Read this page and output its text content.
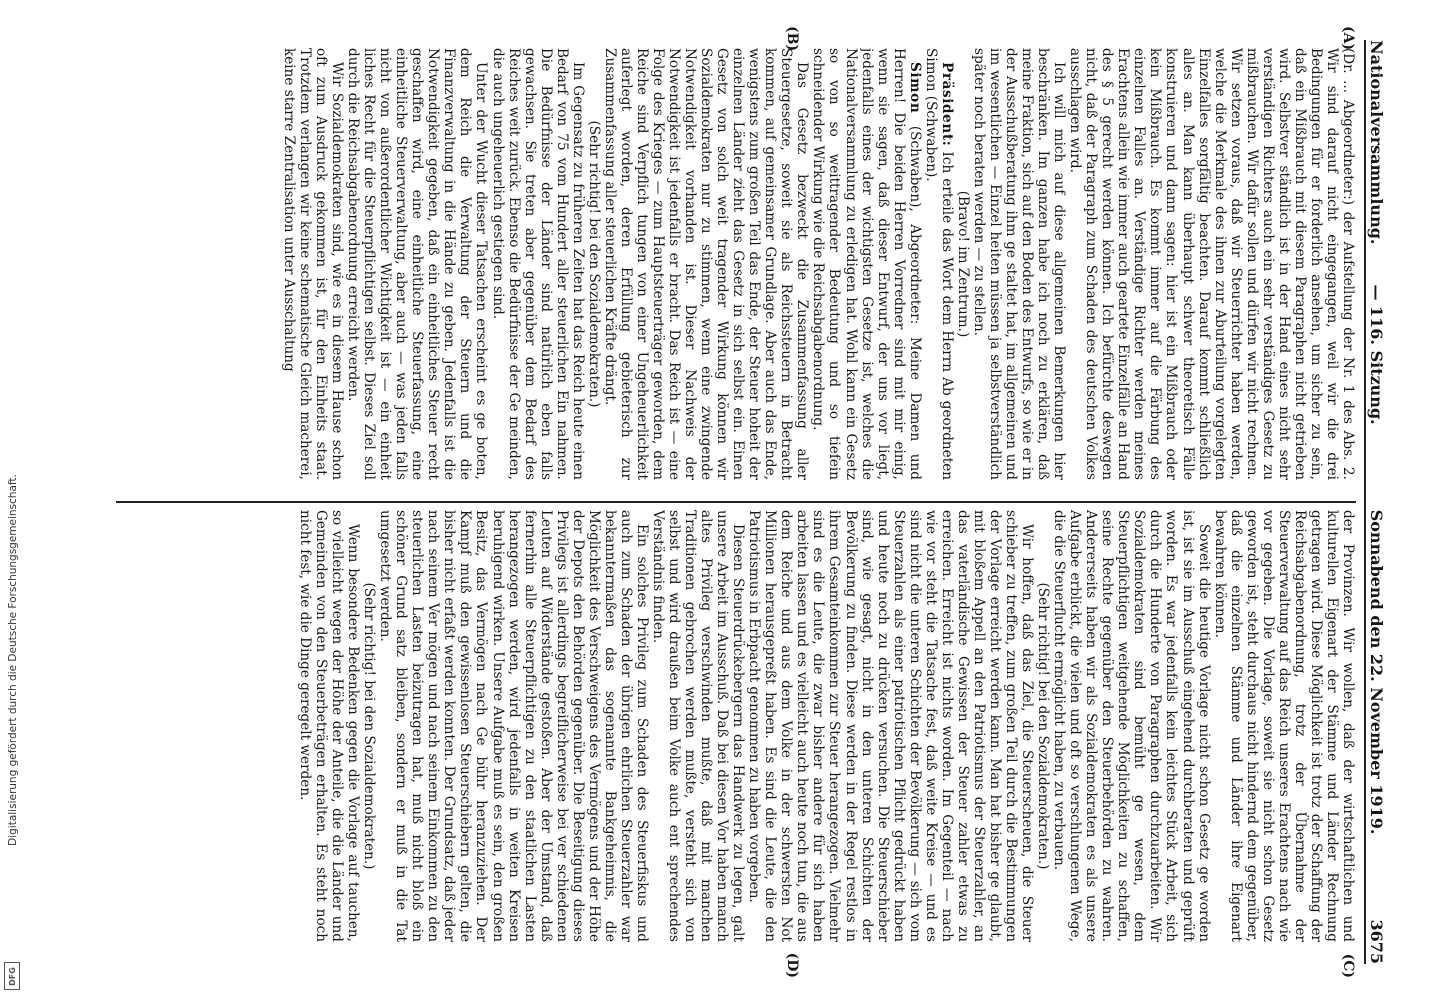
Digitalisierung gefördert durch die Deutsche Forschungsgemeinschaft.
DFG
Nationalversammlung.
— 116. Sitzung.
Sonnabend den 22. November 1919.
3675
(A)
(B)
(C)
(D)

(Dr. ... Abgeordneter:) der Aufstellung der Nr. 1 des Abs. 2. Wir sind darauf nicht eingegangen, weil wir die drei Bedingungen für er forderlich ansehen, um sicher zu sein, daß ein Mißbrauch mit diesem Paragraphen nicht getrieben wird. Selbstver ständlich ist in der Hand eines nicht sehr verständigen Richters auch ein sehr verständiges Gesetz zu mißbrauchen. Wir dafür sollen und dürfen wir nicht rechnen. Wir setzen voraus, daß wir Steuerrichter haben werden, welche die Merkmale des ihnen zur Aburteilung vorgelegten Einzelfalles sorgfältig beachten. Darauf kommt schließlich alles an. Man kann überhaupt schwer theoretisch Fälle konstruieren und dann sagen: hier ist ein Mißbrauch oder kein Mißbrauch. Es kommt immer auf die Färbung des einzelnen Falles an. Verständige Richter werden meines Erachtens allein wie immer auch geartete Einzelfälle an Hand des § 5 gerecht werden können. Ich befürchte deswegen nicht, daß der Paragraph zum Schaden des deutschen Volkes ausschlagen wird.

Ich will mich auf diese allgemeinen Bemerkungen hier beschränken. Im ganzen habe ich noch zu erklären, daß meine Fraktion, sich auf den Boden des Entwurfs, so wie er in der Ausschußberatung ihm ge staltet hat, im allgemeinen und im wesentlichen — Einzel heiten müssen ja selbstverständlich später noch beraten werden — zu stellen.

(Bravo! im Zentrum.)

Präsident: Ich erteile das Wort dem Herrn Ab geordneten Simon (Schwaben).

Simon (Schwaben), Abgeordneter: Meine Damen und Herren! Die beiden Herren Vorredner sind mit mir einig, wenn sie sagen, daß dieser Entwurf, der uns vor liegt, jedenfalls eines der wichtigsten Gesetze ist, welches die Nationalversammlung zu erledigen hat. Wohl kann ein Gesetz so von so weittragender Bedeutung und so tiefein schneidender Wirkung wie die Reichsabgabenordnung.

Das Gesetz bezweckt die Zusammenfassung aller Steuergesetze, soweit sie als Reichssteuern in Betracht kommen, auf gemeinsamer Grundlage. Aber auch das Ende, wenigstens zum großen Teil das Ende, der Steuer hoheit der einzelnen Länder zieht das Gesetz in sich selbst ein. Einen Gesetz von solch weit tragender Wirkung können wir Sozialdemokraten nur zu stimmen, wenn eine zwingende Notwendigkeit vorhanden ist. Dieser Nachweis der Notwendigkeit ist jedenfalls er bracht. Das Reich ist — eine Folge des Krieges — zum Hauptsteuerträger geworden, dem Reiche sind Verpflich tungen von einer Ungeheuerlichkeit auferlegt worden, deren Erfüllung gebieterisch zur Zusammenfassung aller steuerlichen Kräfte drängt.

(Sehr richtig! bei den Sozialdemokraten.)

Im Gegensatz zu früheren Zeiten hat das Reich heute einen Bedarf von 75 vom Hundert aller steuerlichen Ein nahmen. Die Bedürfnisse der Länder sind natürlich eben falls gewachsen. Sie treten aber gegenüber dem Bedarf des Reiches weit zurück. Ebenso die Bedürfnisse der Ge meinden, die auch ungeheuerlich gestiegen sind.

Unter der Wucht dieser Tatsachen erscheint es ge boten, dem Reich die Verwaltung der Steuern und die Finanzverwaltung in die Hände zu geben. Jedenfalls ist die Notwendigkeit gegeben, daß ein einheitliches Steuer recht geschaffen wird, eine einheitliche Steuerfassung, eine einheitliche Steuerverwaltung, aber auch — was jeden falls nicht von außerordentlicher Wichtigkeit ist — ein einheit liches Recht für die Steuerpflichtigen selbst. Dieses Ziel soll durch die Reichsabgabenordnung erreicht werden.

Wir Sozialdemokraten sind, wie es in diesem Hause schon oft zum Ausdruck gekommen ist, für den Einheits staat. Trotzdem verlangen wir keine schematische Gleich macherei, keine starre Zentralisation unter Ausschaltung

der Provinzen. Wir wollen, daß der wirtschaftlichen und kulturellen Eigenart der Stämme und Länder Rechnung getragen wird. Diese Möglichkeit ist trotz der Schaffung der Reichsabgabenordnung, trotz der Übernahme der Steuerverwaltung auf das Reich unseres Erachtens nach wie vor gegeben. Die Vorlage, soweit sie nicht schon Gesetz geworden ist, steht durchaus nicht hindernd dem gegenüber, daß die einzelnen Stämme und Länder ihre Eigenart bewahren können.

Soweit die heutige Vorlage nicht schon Gesetz ge worden ist, ist sie im Ausschuß eingehend durchberaten und geprüft worden. Es war jedenfalls kein leichtes Stück Arbeit, sich durch die Hunderte von Paragraphen durchzuarbeiten. Wir Sozialdemokraten sind bemüht ge wesen, dem Steuerpflichtigen weitgehende Möglichkeiten zu schaffen, seine Rechte gegenüber den Steuerbehörden zu wahren. Andererseits haben wir als Sozialdemokraten es als unsere Aufgabe erblickt, die vielen und oft so verschlungenen Wege, die die Steuerflucht ermöglicht haben, zu verbauen.

(Sehr richtig! bei den Sozialdemokraten.)

Wir hoffen, daß das Ziel, die Steuerscheuen, die Steuer schieber zu treffen, zum großen Teil durch die Bestimmungen der Vorlage erreicht werden kann. Man hat bisher ge glaubt, mit bloßem Appell an den Patriotismus der Steuerzahler, an das vaterländische Gewissen der Steuer zahler etwas zu erreichen. Erreicht ist nichts worden. Im Gegenteil — nach wie vor steht die Tatsache fest, daß weite Kreise — und es sind nicht die unteren Schichten der Bevölkerung — sich vom Steuerzahlen als einer patriotischen Pflicht gedrückt haben und heute noch zu drücken versuchen. Die Steuerschieber sind, wie gesagt, nicht in den unteren Schichten der Bevölkerung zu finden. Diese werden in der Regel restlos in ihrem Gesamteinkommen zur Steuer herangezogen. Vielmehr sind es die Leute, die zwar bisher andere für sich haben arbeiten lassen und es vielleicht auch heute noch tun, die aus dem Reiche und aus dem Volke in der schwersten Not Millionen herausgepreßt haben. Es sind die Leute, die den Patriotismus in Erbpacht genommen zu haben vorgeben.

Diesen Steuerdrückebergern das Handwerk zu legen, galt unsere Arbeit im Ausschuß. Daß bei diesen Vor haben manch altes Privileg verschwinden mußte, daß mit manchen Traditionen gebrochen werden mußte, versteht sich von selbst und wird draußen beim Volke auch ent sprechendes Verständnis finden.

Ein solches Privileg zum Schaden des Steuerfiskus und auch zum Schaden der übrigen ehrlichen Steuerzahler war bekanntermaßen das sogenannte Bankgeheimnis, die Möglichkeit des Verschweigens des Vermögens und der Höhe der Depots den Behörden gegenüber. Die Beseitigung dieses Privilegs ist allerdings begreiflicherweise bei ver schiedenen Leuten auf Widerstände gestoßen. Aber der Umstand, daß fernerhin alle Steuerpflichtigen zu den staatlichen Lasten herangezogen werden, wird jedenfalls in weiten Kreisen beruhigend wirken. Unsere Aufgabe muß es sein, den großen Besitz, das Vermögen nach Ge bühr heranzuziehen. Der Kampf muß den gewissenlosen Steuerschiebern gelten, die bisher nicht erfaßt werden konnten. Der Grundsatz, daß jeder nach seinem Ver mögen und nach seinem Einkommen zu den steuerlichen Lasten beizutragen hat, muß nicht bloß ein schöner Grund satz bleiben, sondern er muß in die Tat umgesetzt werden.

(Sehr richtig! bei den Sozialdemokraten.)

Wenn besondere Bedenken gegen die Vorlage auf tauchen, so vielleicht wegen der Höhe der Anteile, die die Länder und Gemeinden von den Steuerbeträgen erhalten. Es steht noch nicht fest, wie die Dinge geregelt werden.
